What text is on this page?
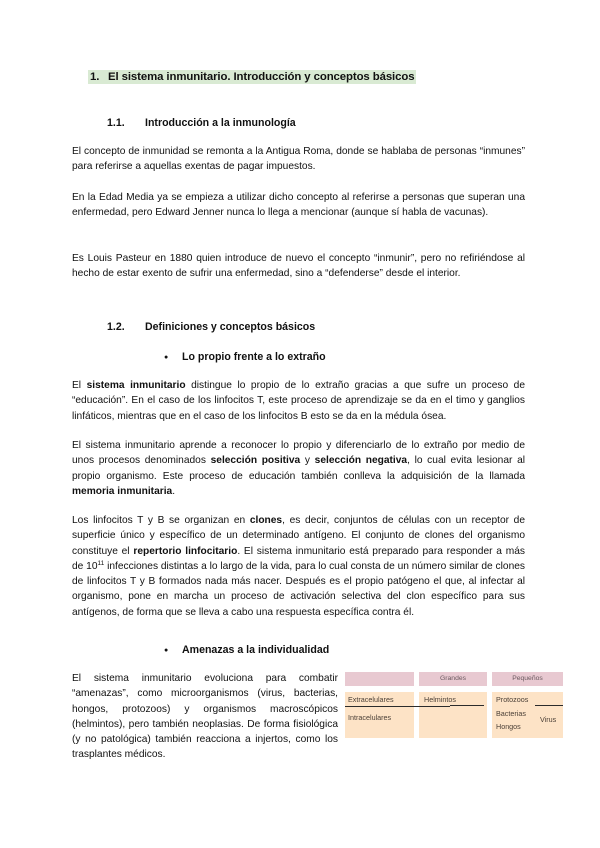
1. El sistema inmunitario. Introducción y conceptos básicos
1.1. Introducción a la inmunología

El concepto de inmunidad se remonta a la Antigua Roma, donde se hablaba de personas “inmunes” para referirse a aquellas exentas de pagar impuestos.

En la Edad Media ya se empieza a utilizar dicho concepto al referirse a personas que superan una enfermedad, pero Edward Jenner nunca lo llega a mencionar (aunque sí habla de vacunas).

Es Louis Pasteur en 1880 quien introduce de nuevo el concepto “inmunir”, pero no refiriéndose al hecho de estar exento de sufrir una enfermedad, sino a “defenderse” desde el interior.

1.2. Definiciones y conceptos básicos
● Lo propio frente a lo extraño

El sistema inmunitario distingue lo propio de lo extraño gracias a que sufre un proceso de “educación”. En el caso de los linfocitos T, este proceso de aprendizaje se da en el timo y ganglios linfáticos, mientras que en el caso de los linfocitos B esto se da en la médula ósea.

El sistema inmunitario aprende a reconocer lo propio y diferenciarlo de lo extraño por medio de unos procesos denominados selección positiva y selección negativa, lo cual evita lesionar al propio organismo. Este proceso de educación también conlleva la adquisición de la llamada memoria inmunitaria.

Los linfocitos T y B se organizan en clones, es decir, conjuntos de células con un receptor de superficie único y específico de un determinado antígeno. El conjunto de clones del organismo constituye el repertorio linfocitario. El sistema inmunitario está preparado para responder a más de $10^{11}$ infecciones distintas a lo largo de la vida, para lo cual consta de un número similar de clones de linfocitos T y B formados nada más nacer. Después es el propio patógeno el que, al infectar al organismo, pone en marcha un proceso de activación selectiva del clon específico para sus antígenos, de forma que se lleva a cabo una respuesta específica contra él.

● Amenazas a la individualidad

El sistema inmunitario evoluciona para combatir “amenazas”, como microorganismos (virus, bacterias, hongos, protozoos) y organismos macroscópicos (helmintos), pero también neoplasias. De forma fisiológica (y no patológica) también reacciona a injertos, como los trasplantes médicos.

Grandes	Pequeños
Extracelulares
Intracelulares
Helmintos	Protozoos
Bacterias
Hongos
Virus
